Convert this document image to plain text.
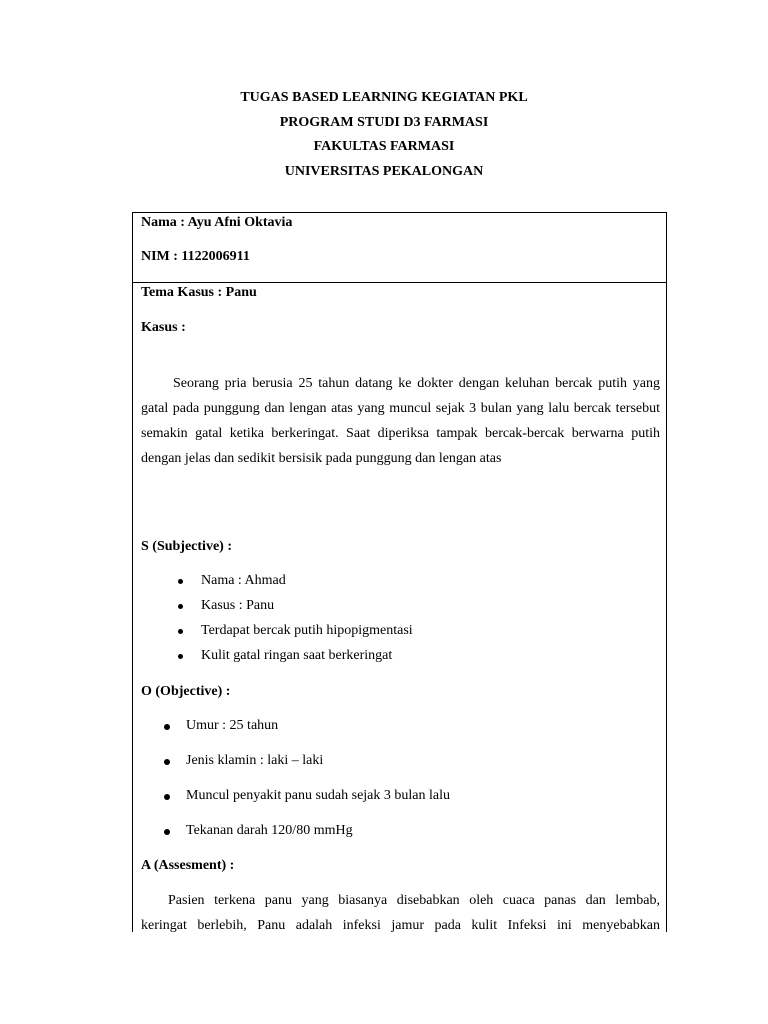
TUGAS BASED LEARNING KEGIATAN PKL

PROGRAM STUDI D3 FARMASI

FAKULTAS FARMASI

UNIVERSITAS PEKALONGAN

Nama : Ayu Afni Oktavia
NIM : 1122006911
Tema Kasus : Panu
Kasus :
Seorang pria berusia 25 tahun datang ke dokter dengan keluhan bercak putih yang gatal pada punggung dan lengan atas yang muncul sejak 3 bulan yang lalu bercak tersebut semakin gatal ketika berkeringat. Saat diperiksa tampak bercak-bercak berwarna putih dengan jelas dan sedikit bersisik pada punggung dan lengan atas
S (Subjective) :
Nama : Ahmad
Kasus : Panu
Terdapat bercak putih hipopigmentasi
Kulit gatal ringan saat berkeringat
O (Objective) :
Umur : 25 tahun
Jenis klamin : laki – laki
Muncul penyakit panu sudah sejak 3 bulan lalu
Tekanan darah 120/80 mmHg
A (Assesment) :
Pasien terkena panu yang biasanya disebabkan oleh cuaca panas dan lembab,
keringat berlebih, Panu adalah infeksi jamur pada kulit Infeksi ini menyebabkan
